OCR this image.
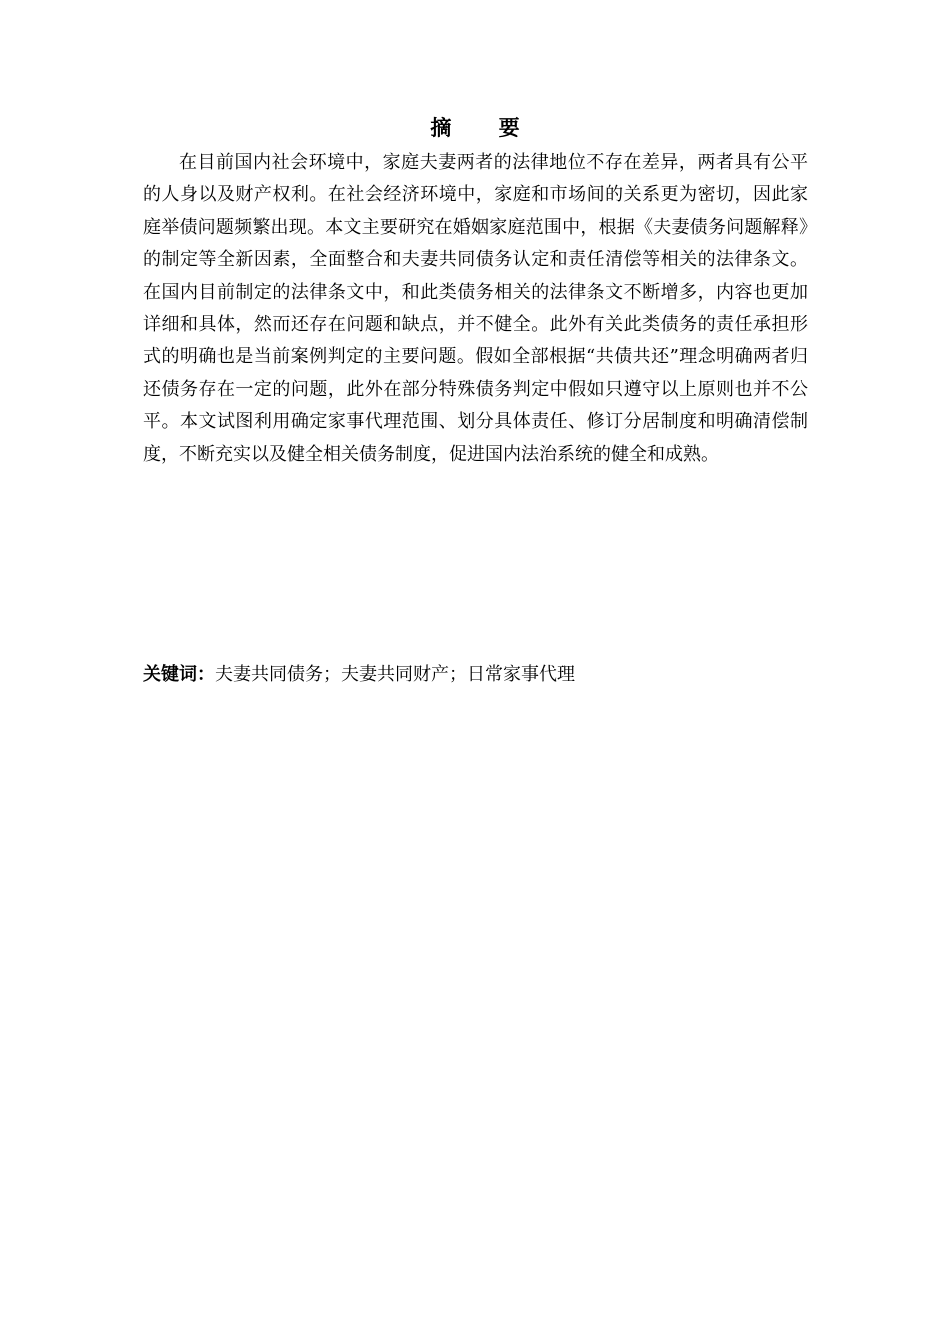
摘 要

在目前国内社会环境中，家庭夫妻两者的法律地位不存在差异，两者具有公平的人身以及财产权利。在社会经济环境中，家庭和市场间的关系更为密切，因此家庭举债问题频繁出现。本文主要研究在婚姻家庭范围中，根据《夫妻债务问题解释》的制定等全新因素，全面整合和夫妻共同债务认定和责任清偿等相关的法律条文。在国内目前制定的法律条文中，和此类债务相关的法律条文不断增多，内容也更加详细和具体，然而还存在问题和缺点，并不健全。此外有关此类债务的责任承担形式的明确也是当前案例判定的主要问题。假如全部根据“共债共还”理念明确两者归还债务存在一定的问题，此外在部分特殊债务判定中假如只遵守以上原则也并不公平。本文试图利用确定家事代理范围、划分具体责任、修订分居制度和明确清偿制度，不断充实以及健全相关债务制度，促进国内法治系统的健全和成熟。

关键词：夫妻共同债务；夫妻共同财产；日常家事代理
